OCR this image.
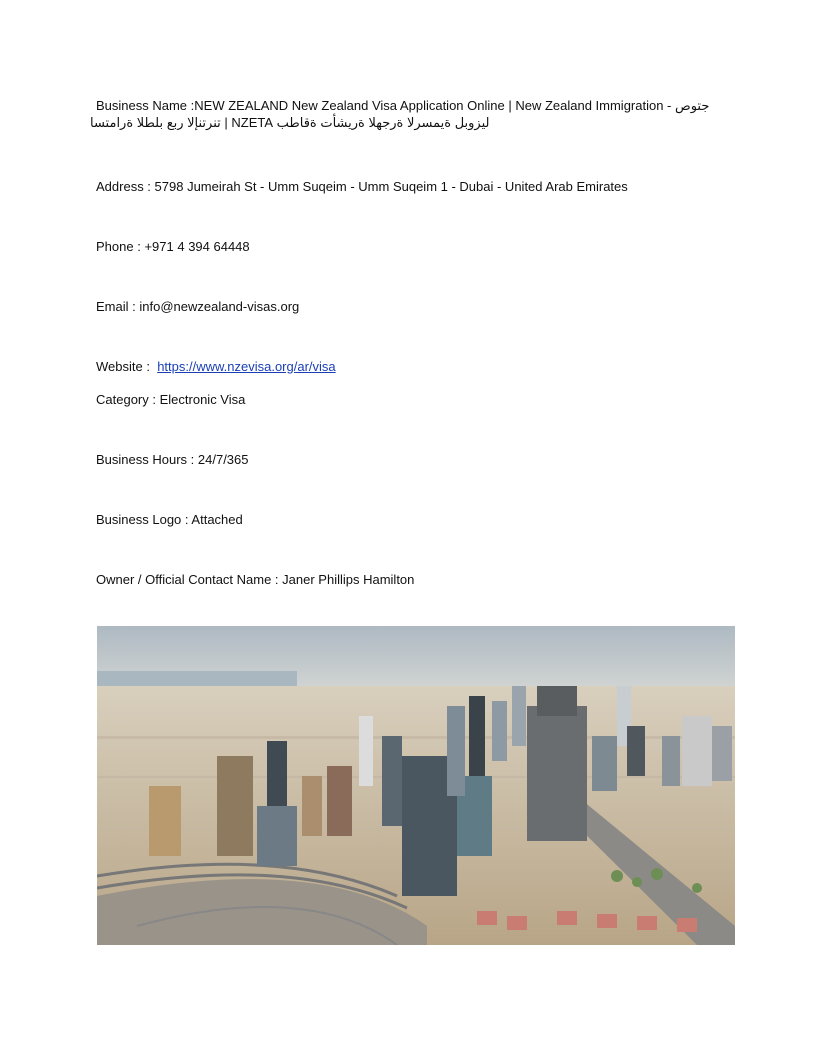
Business Name :NEW ZEALAND New Zealand Visa Application Online | New Zealand Immigration - جتوص
ليزوبل ةيمسرلا ةرجهلا ةريشأت ةقاطب NZETA | تنرتنإلا ربع بلطلا ةرامتسا
Address : 5798 Jumeirah St - Umm Suqeim - Umm Suqeim 1 - Dubai - United Arab Emirates
Phone : +971 4 394 64448
Email : info@newzealand-visas.org
Website : https://www.nzevisa.org/ar/visa
Category : Electronic Visa
Business Hours : 24/7/365
Business Logo : Attached
Owner / Official Contact Name : Janer Phillips Hamilton
